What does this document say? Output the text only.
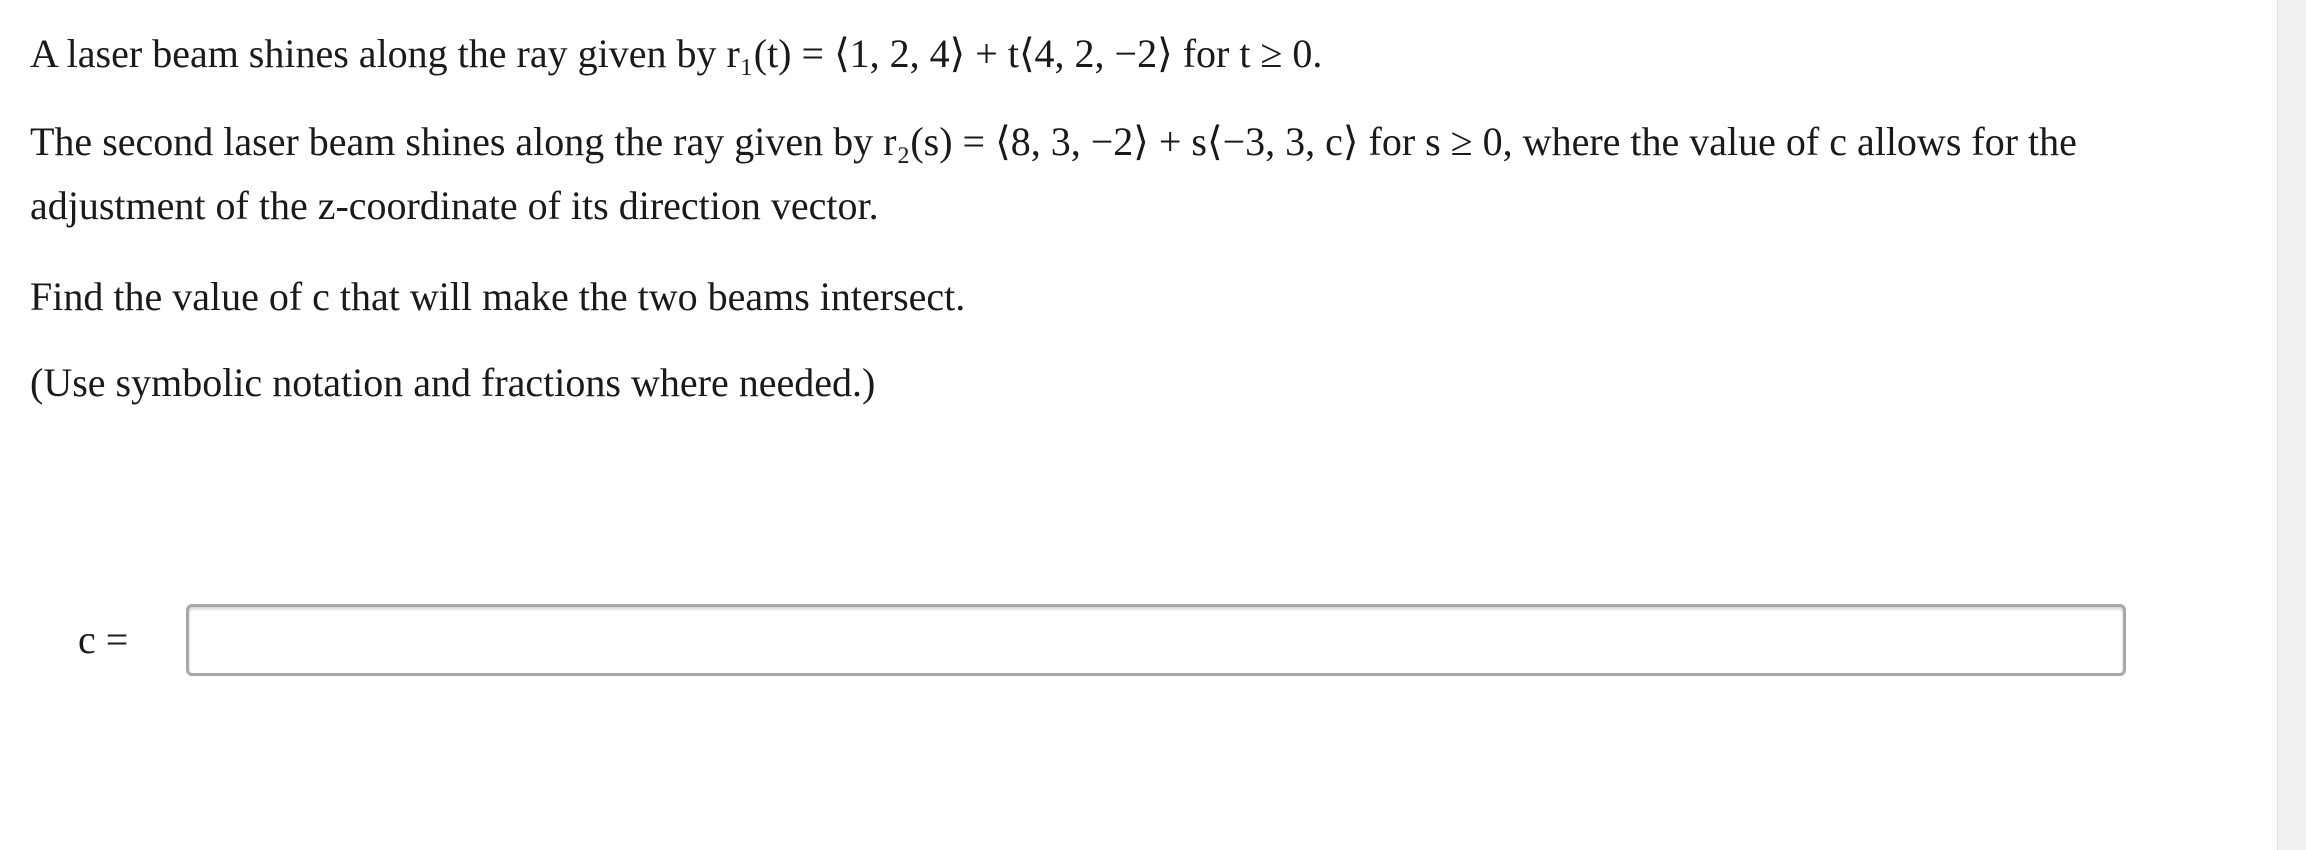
A laser beam shines along the ray given by r₁(t) = ⟨1, 2, 4⟩ + t⟨4, 2, −2⟩ for t ≥ 0.

The second laser beam shines along the ray given by r₂(s) = ⟨8, 3, −2⟩ + s⟨−3, 3, c⟩ for s ≥ 0, where the value of c allows for the adjustment of the z-coordinate of its direction vector.

Find the value of c that will make the two beams intersect.

(Use symbolic notation and fractions where needed.)

c =
